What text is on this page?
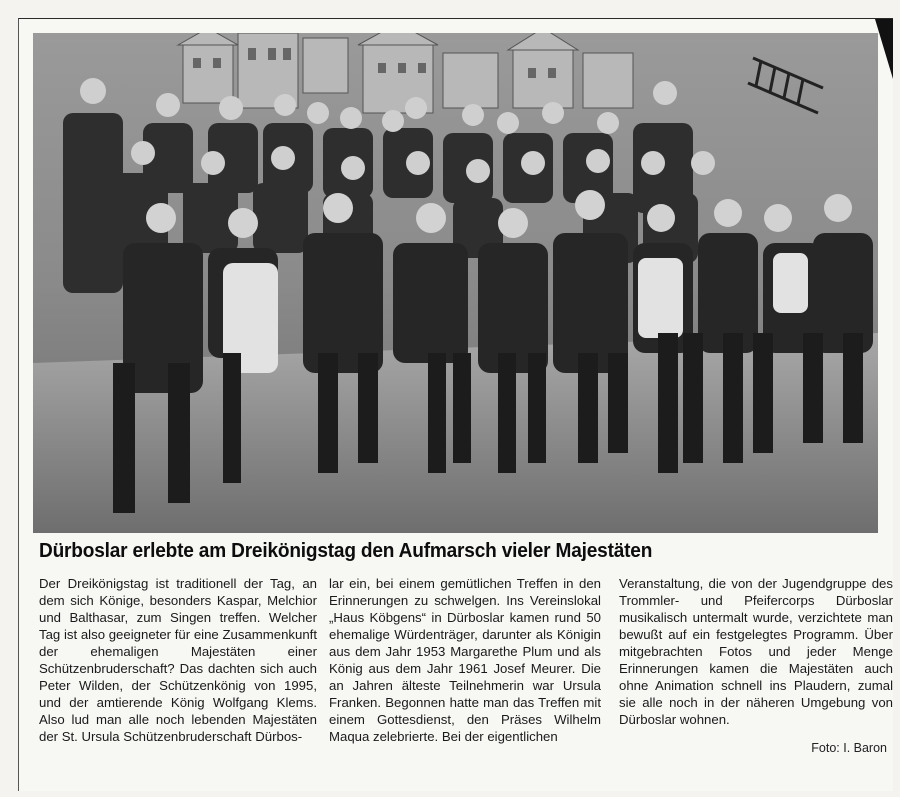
Dürboslar erlebte am Dreikönigstag den Aufmarsch vieler Majestäten
Der Dreikönigstag ist traditionell der Tag, an dem sich Könige, besonders Kaspar, Melchior und Balthasar, zum Singen treffen. Welcher Tag ist also geeigneter für eine Zusammenkunft der ehemaligen Majestäten einer Schützenbruderschaft? Das dachten sich auch Peter Wilden, der Schützenkönig von 1995, und der amtierende König Wolfgang Klems. Also lud man alle noch lebenden Majestäten der St. Ursula Schützenbruderschaft Dürbos-
lar ein, bei einem gemütlichen Treffen in den Erinnerungen zu schwelgen. Ins Vereinslokal „Haus Köbgens“ in Dürboslar kamen rund 50 ehemalige Würdenträger, darunter als Königin aus dem Jahr 1953 Margarethe Plum und als König aus dem Jahr 1961 Josef Meurer. Die an Jahren älteste Teilnehmerin war Ursula Franken. Begonnen hatte man das Treffen mit einem Gottesdienst, den Präses Wilhelm Maqua zelebrierte. Bei der eigentlichen
Veranstaltung, die von der Jugendgruppe des Trommler- und Pfeifercorps Dürboslar musikalisch untermalt wurde, verzichtete man bewußt auf ein festgelegtes Programm. Über mitgebrachten Fotos und jeder Menge Erinnerungen kamen die Majestäten auch ohne Animation schnell ins Plaudern, zumal sie alle noch in der näheren Umgebung von Dürboslar wohnen.
Foto: I. Baron
